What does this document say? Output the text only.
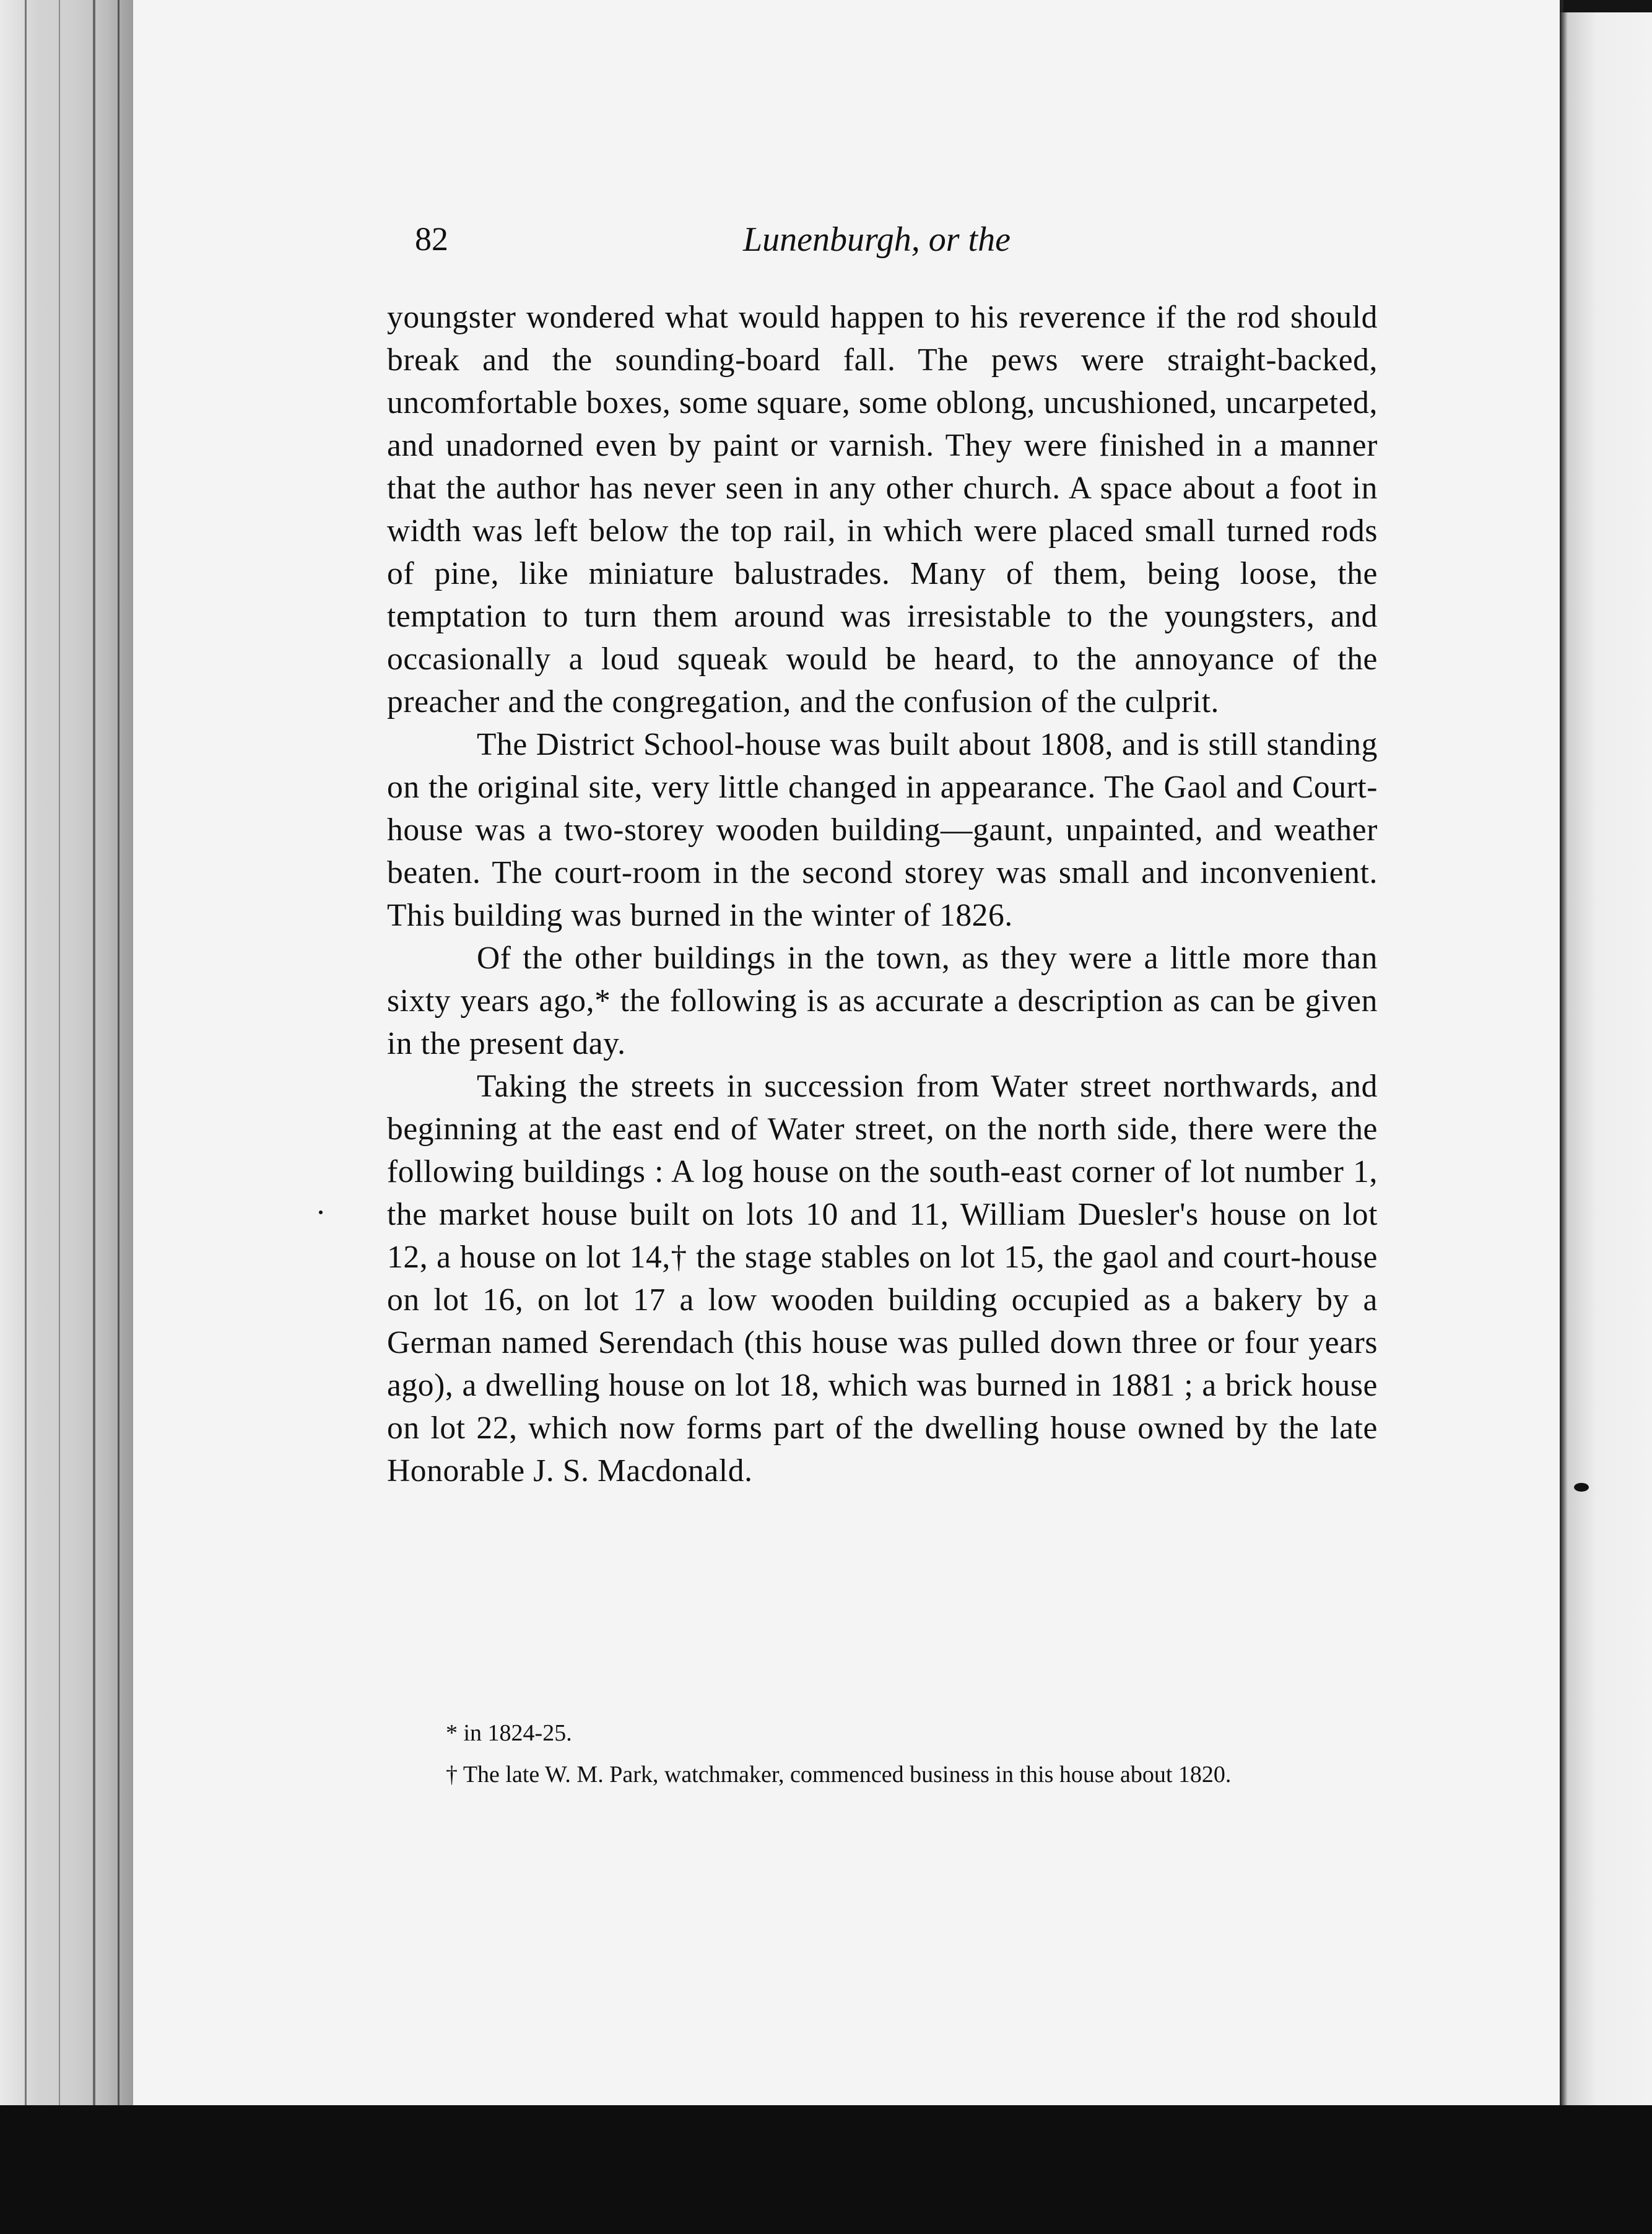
82	Lunenburgh, or the

youngster wondered what would happen to his reverence if the rod should break and the sounding-board fall. The pews were straight-backed, uncomfortable boxes, some square, some oblong, uncushioned, uncarpeted, and unadorned even by paint or varnish. They were finished in a manner that the author has never seen in any other church. A space about a foot in width was left below the top rail, in which were placed small turned rods of pine, like miniature balustrades. Many of them, being loose, the temptation to turn them around was irresistable to the youngsters, and occasionally a loud squeak would be heard, to the annoyance of the preacher and the congregation, and the confusion of the culprit.

The District School-house was built about 1808, and is still standing on the original site, very little changed in appearance. The Gaol and Court-house was a two-storey wooden building—gaunt, unpainted, and weather beaten. The court-room in the second storey was small and inconvenient. This building was burned in the winter of 1826.

Of the other buildings in the town, as they were a little more than sixty years ago,* the following is as accurate a description as can be given in the present day.

Taking the streets in succession from Water street northwards, and beginning at the east end of Water street, on the north side, there were the following buildings : A log house on the south-east corner of lot number 1, the market house built on lots 10 and 11, William Duesler's house on lot 12, a house on lot 14,† the stage stables on lot 15, the gaol and court-house on lot 16, on lot 17 a low wooden building occupied as a bakery by a German named Serendach (this house was pulled down three or four years ago), a dwelling house on lot 18, which was burned in 1881 ; a brick house on lot 22, which now forms part of the dwelling house owned by the late Honorable J. S. Macdonald.

* in 1824-25.

† The late W. M. Park, watchmaker, commenced business in this house about 1820.
